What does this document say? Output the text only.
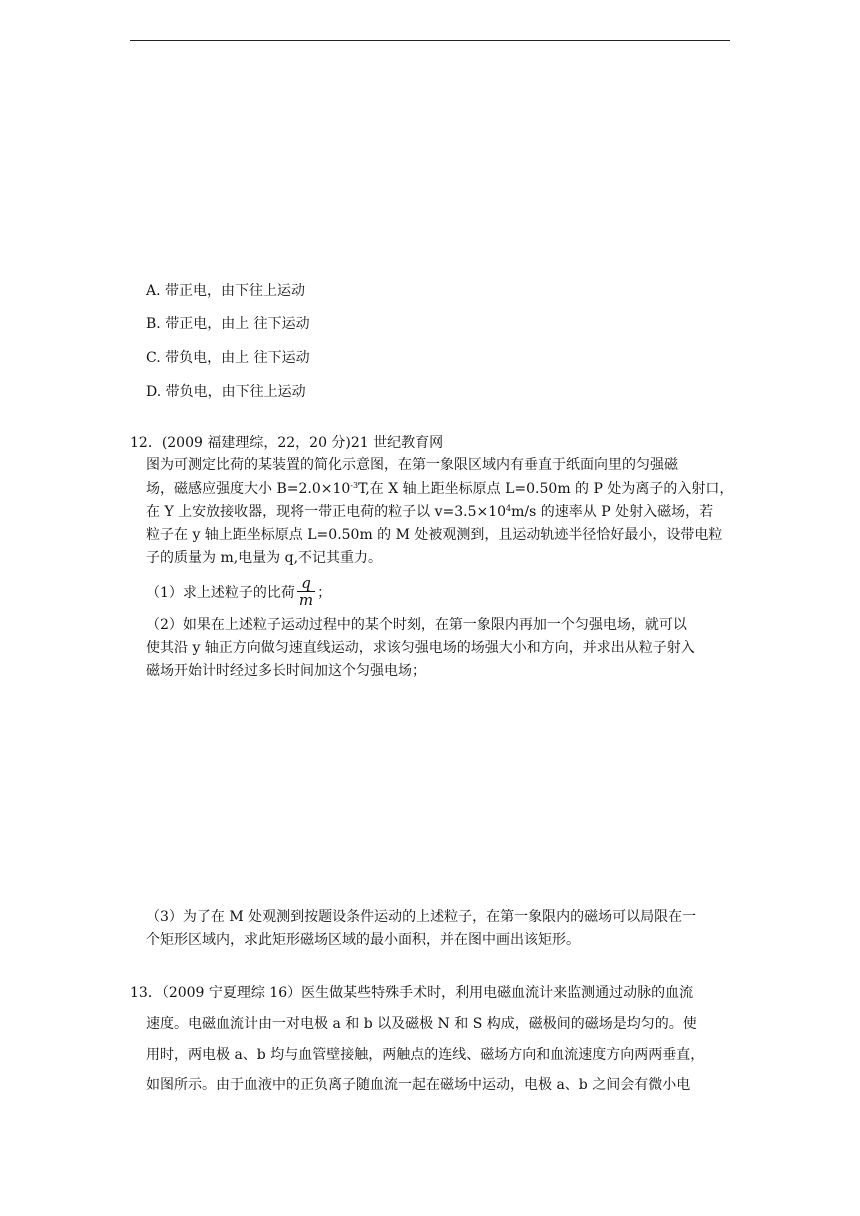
A. 带正电，由下往上运动
B. 带正电，由上 往下运动
C. 带负电，由上 往下运动
D. 带负电，由下往上运动
12．(2009 福建理综，22，20 分)21 世纪教育网
图为可测定比荷的某装置的简化示意图，在第一象限区域内有垂直于纸面向里的匀强磁
场，磁感应强度大小 $B=2.0\times 10^{-3}T$,在 X 轴上距坐标原点 L=0.50m 的 P 处为离子的入射口，
在 Y 上安放接收器，现将一带正电荷的粒子以 $v=3.5\times 10^4m/s$ 的速率从 P 处射入磁场，若
粒子在 y 轴上距坐标原点 L=0.50m 的 M 处被观测到，且运动轨迹半径恰好最小，设带电粒
子的质量为 m,电量为 q,不记其重力。
（1）求上述粒子的比荷 $\frac{q}{m}$ ；
（2）如果在上述粒子运动过程中的某个时刻，在第一象限内再加一个匀强电场，就可以
使其沿 y 轴正方向做匀速直线运动，求该匀强电场的场强大小和方向，并求出从粒子射入
磁场开始计时经过多长时间加这个匀强电场；
（3）为了在 M 处观测到按题设条件运动的上述粒子，在第一象限内的磁场可以局限在一
个矩形区域内，求此矩形磁场区域的最小面积，并在图中画出该矩形。
13．（2009 宁夏理综 16）医生做某些特殊手术时，利用电磁血流计来监测通过动脉的血流
速度。电磁血流计由一对电极 a 和 b 以及磁极 N 和 S 构成，磁极间的磁场是均匀的。使
用时，两电极 a、b 均与血管壁接触，两触点的连线、磁场方向和血流速度方向两两垂直，
如图所示。由于血液中的正负离子随血流一起在磁场中运动，电极 a、b 之间会有微小电
